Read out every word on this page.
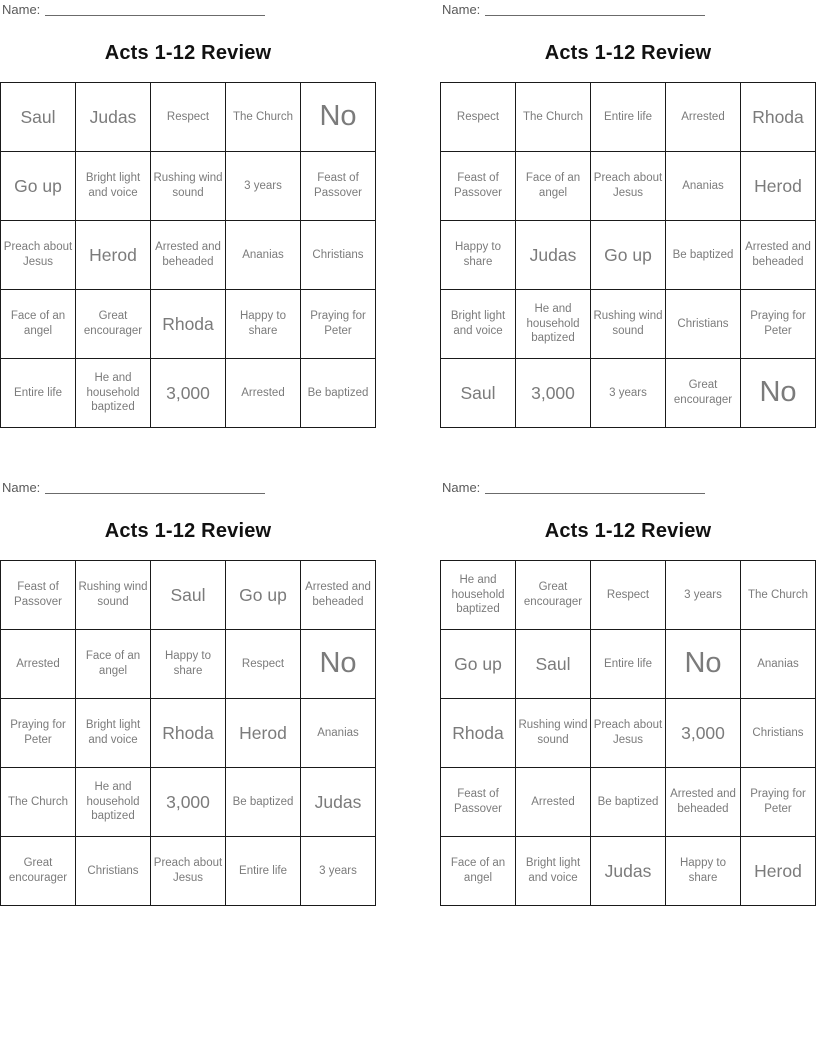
Name:
Acts 1-12 Review
Saul	Judas	Respect	The Church	No
Go up	Bright light and voice	Rushing wind sound	3 years	Feast of Passover
Preach about Jesus	Herod	Arrested and beheaded	Ananias	Christians
Face of an angel	Great encourager	Rhoda	Happy to share	Praying for Peter
Entire life	He and household baptized	3,000	Arrested	Be baptized
Name:
Acts 1-12 Review
Respect	The Church	Entire life	Arrested	Rhoda
Feast of Passover	Face of an angel	Preach about Jesus	Ananias	Herod
Happy to share	Judas	Go up	Be baptized	Arrested and beheaded
Bright light and voice	He and household baptized	Rushing wind sound	Christians	Praying for Peter
Saul	3,000	3 years	Great encourager	No
Name:
Acts 1-12 Review
Feast of Passover	Rushing wind sound	Saul	Go up	Arrested and beheaded
Arrested	Face of an angel	Happy to share	Respect	No
Praying for Peter	Bright light and voice	Rhoda	Herod	Ananias
The Church	He and household baptized	3,000	Be baptized	Judas
Great encourager	Christians	Preach about Jesus	Entire life	3 years
Name:
Acts 1-12 Review
He and household baptized	Great encourager	Respect	3 years	The Church
Go up	Saul	Entire life	No	Ananias
Rhoda	Rushing wind sound	Preach about Jesus	3,000	Christians
Feast of Passover	Arrested	Be baptized	Arrested and beheaded	Praying for Peter
Face of an angel	Bright light and voice	Judas	Happy to share	Herod
